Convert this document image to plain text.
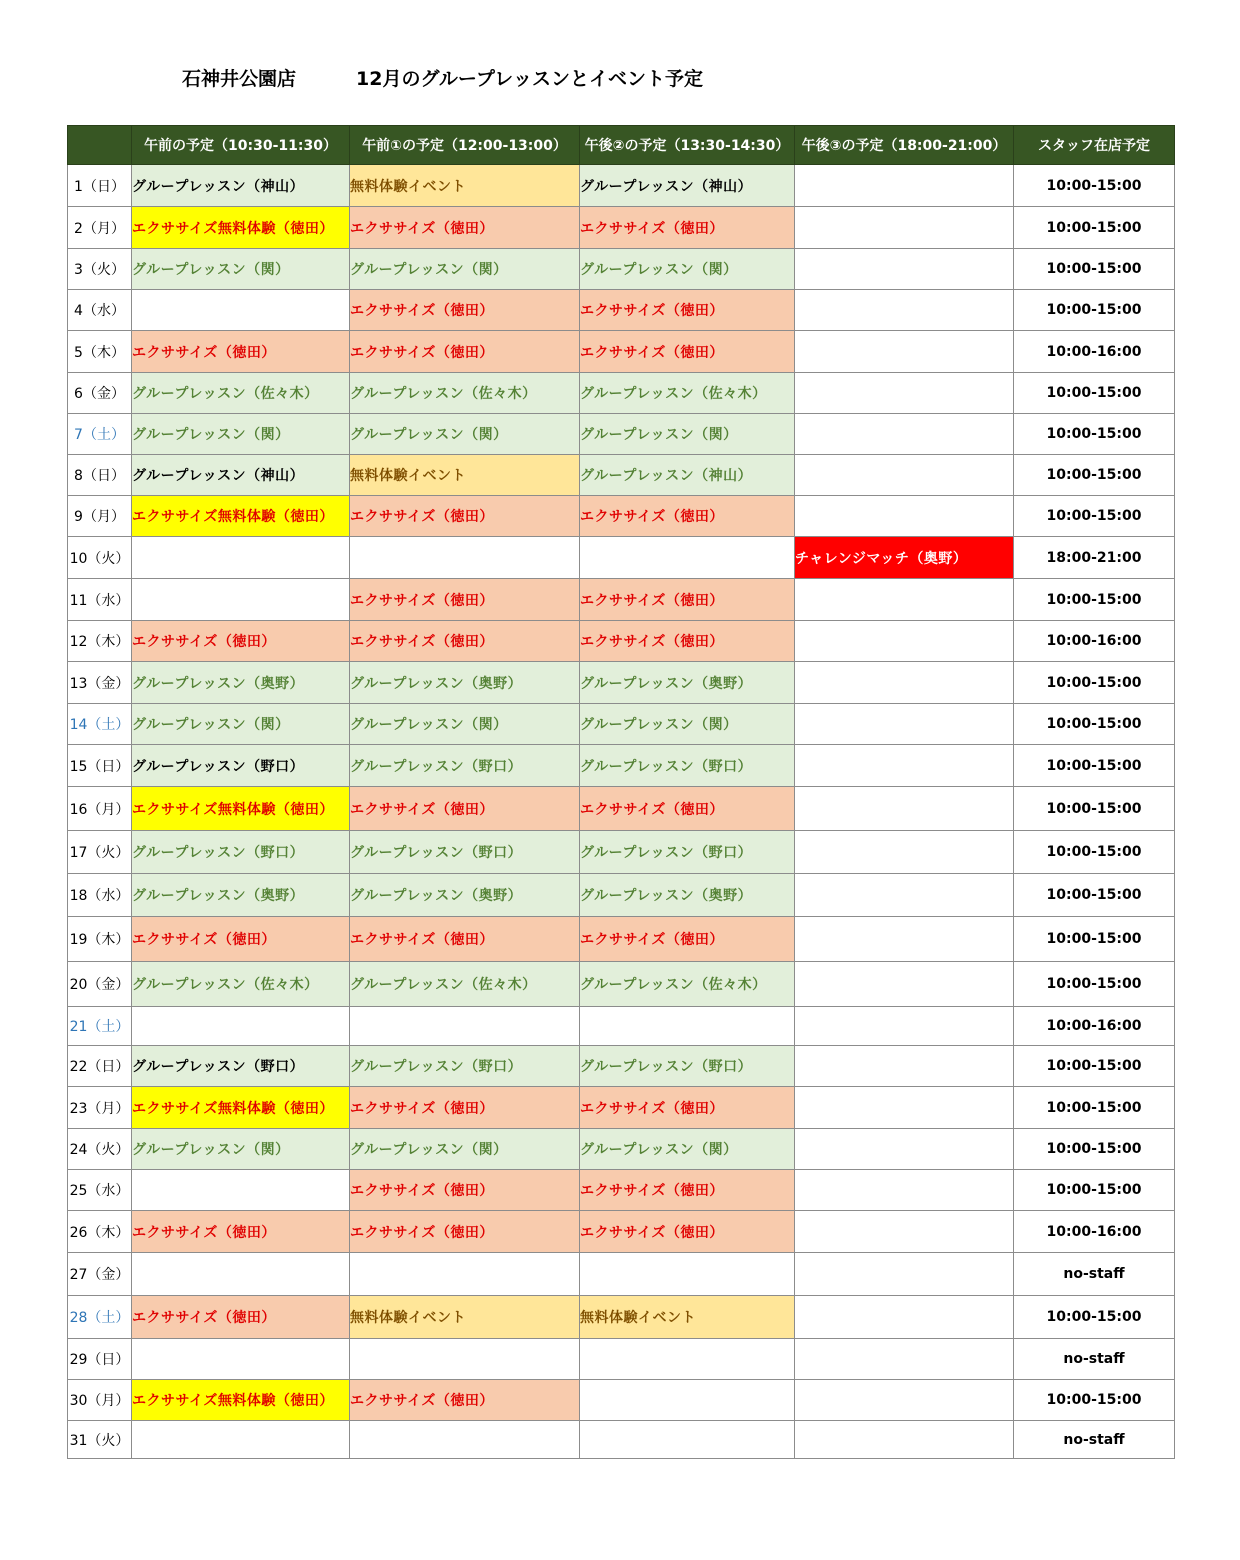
石神井公園店	12月のグループレッスンとイベント予定
	午前の予定（10:30-11:30）	午前①の予定（12:00-13:00）	午後②の予定（13:30-14:30）	午後③の予定（18:00-21:00）	スタッフ在店予定
1（日）	グループレッスン（神山）	無料体験イベント	グループレッスン（神山）		10:00-15:00
2（月）	エクササイズ無料体験（徳田）	エクササイズ（徳田）	エクササイズ（徳田）		10:00-15:00
3（火）	グループレッスン（関）	グループレッスン（関）	グループレッスン（関）		10:00-15:00
4（水）		エクササイズ（徳田）	エクササイズ（徳田）		10:00-15:00
5（木）	エクササイズ（徳田）	エクササイズ（徳田）	エクササイズ（徳田）		10:00-16:00
6（金）	グループレッスン（佐々木）	グループレッスン（佐々木）	グループレッスン（佐々木）		10:00-15:00
7（土）	グループレッスン（関）	グループレッスン（関）	グループレッスン（関）		10:00-15:00
8（日）	グループレッスン（神山）	無料体験イベント	グループレッスン（神山）		10:00-15:00
9（月）	エクササイズ無料体験（徳田）	エクササイズ（徳田）	エクササイズ（徳田）		10:00-15:00
10（火）				チャレンジマッチ（奥野）	18:00-21:00
11（水）		エクササイズ（徳田）	エクササイズ（徳田）		10:00-15:00
12（木）	エクササイズ（徳田）	エクササイズ（徳田）	エクササイズ（徳田）		10:00-16:00
13（金）	グループレッスン（奥野）	グループレッスン（奥野）	グループレッスン（奥野）		10:00-15:00
14（土）	グループレッスン（関）	グループレッスン（関）	グループレッスン（関）		10:00-15:00
15（日）	グループレッスン（野口）	グループレッスン（野口）	グループレッスン（野口）		10:00-15:00
16（月）	エクササイズ無料体験（徳田）	エクササイズ（徳田）	エクササイズ（徳田）		10:00-15:00
17（火）	グループレッスン（野口）	グループレッスン（野口）	グループレッスン（野口）		10:00-15:00
18（水）	グループレッスン（奥野）	グループレッスン（奥野）	グループレッスン（奥野）		10:00-15:00
19（木）	エクササイズ（徳田）	エクササイズ（徳田）	エクササイズ（徳田）		10:00-15:00
20（金）	グループレッスン（佐々木）	グループレッスン（佐々木）	グループレッスン（佐々木）		10:00-15:00
21（土）					10:00-16:00
22（日）	グループレッスン（野口）	グループレッスン（野口）	グループレッスン（野口）		10:00-15:00
23（月）	エクササイズ無料体験（徳田）	エクササイズ（徳田）	エクササイズ（徳田）		10:00-15:00
24（火）	グループレッスン（関）	グループレッスン（関）	グループレッスン（関）		10:00-15:00
25（水）		エクササイズ（徳田）	エクササイズ（徳田）		10:00-15:00
26（木）	エクササイズ（徳田）	エクササイズ（徳田）	エクササイズ（徳田）		10:00-16:00
27（金）					no-staff
28（土）	エクササイズ（徳田）	無料体験イベント	無料体験イベント		10:00-15:00
29（日）					no-staff
30（月）	エクササイズ無料体験（徳田）	エクササイズ（徳田）			10:00-15:00
31（火）					no-staff
